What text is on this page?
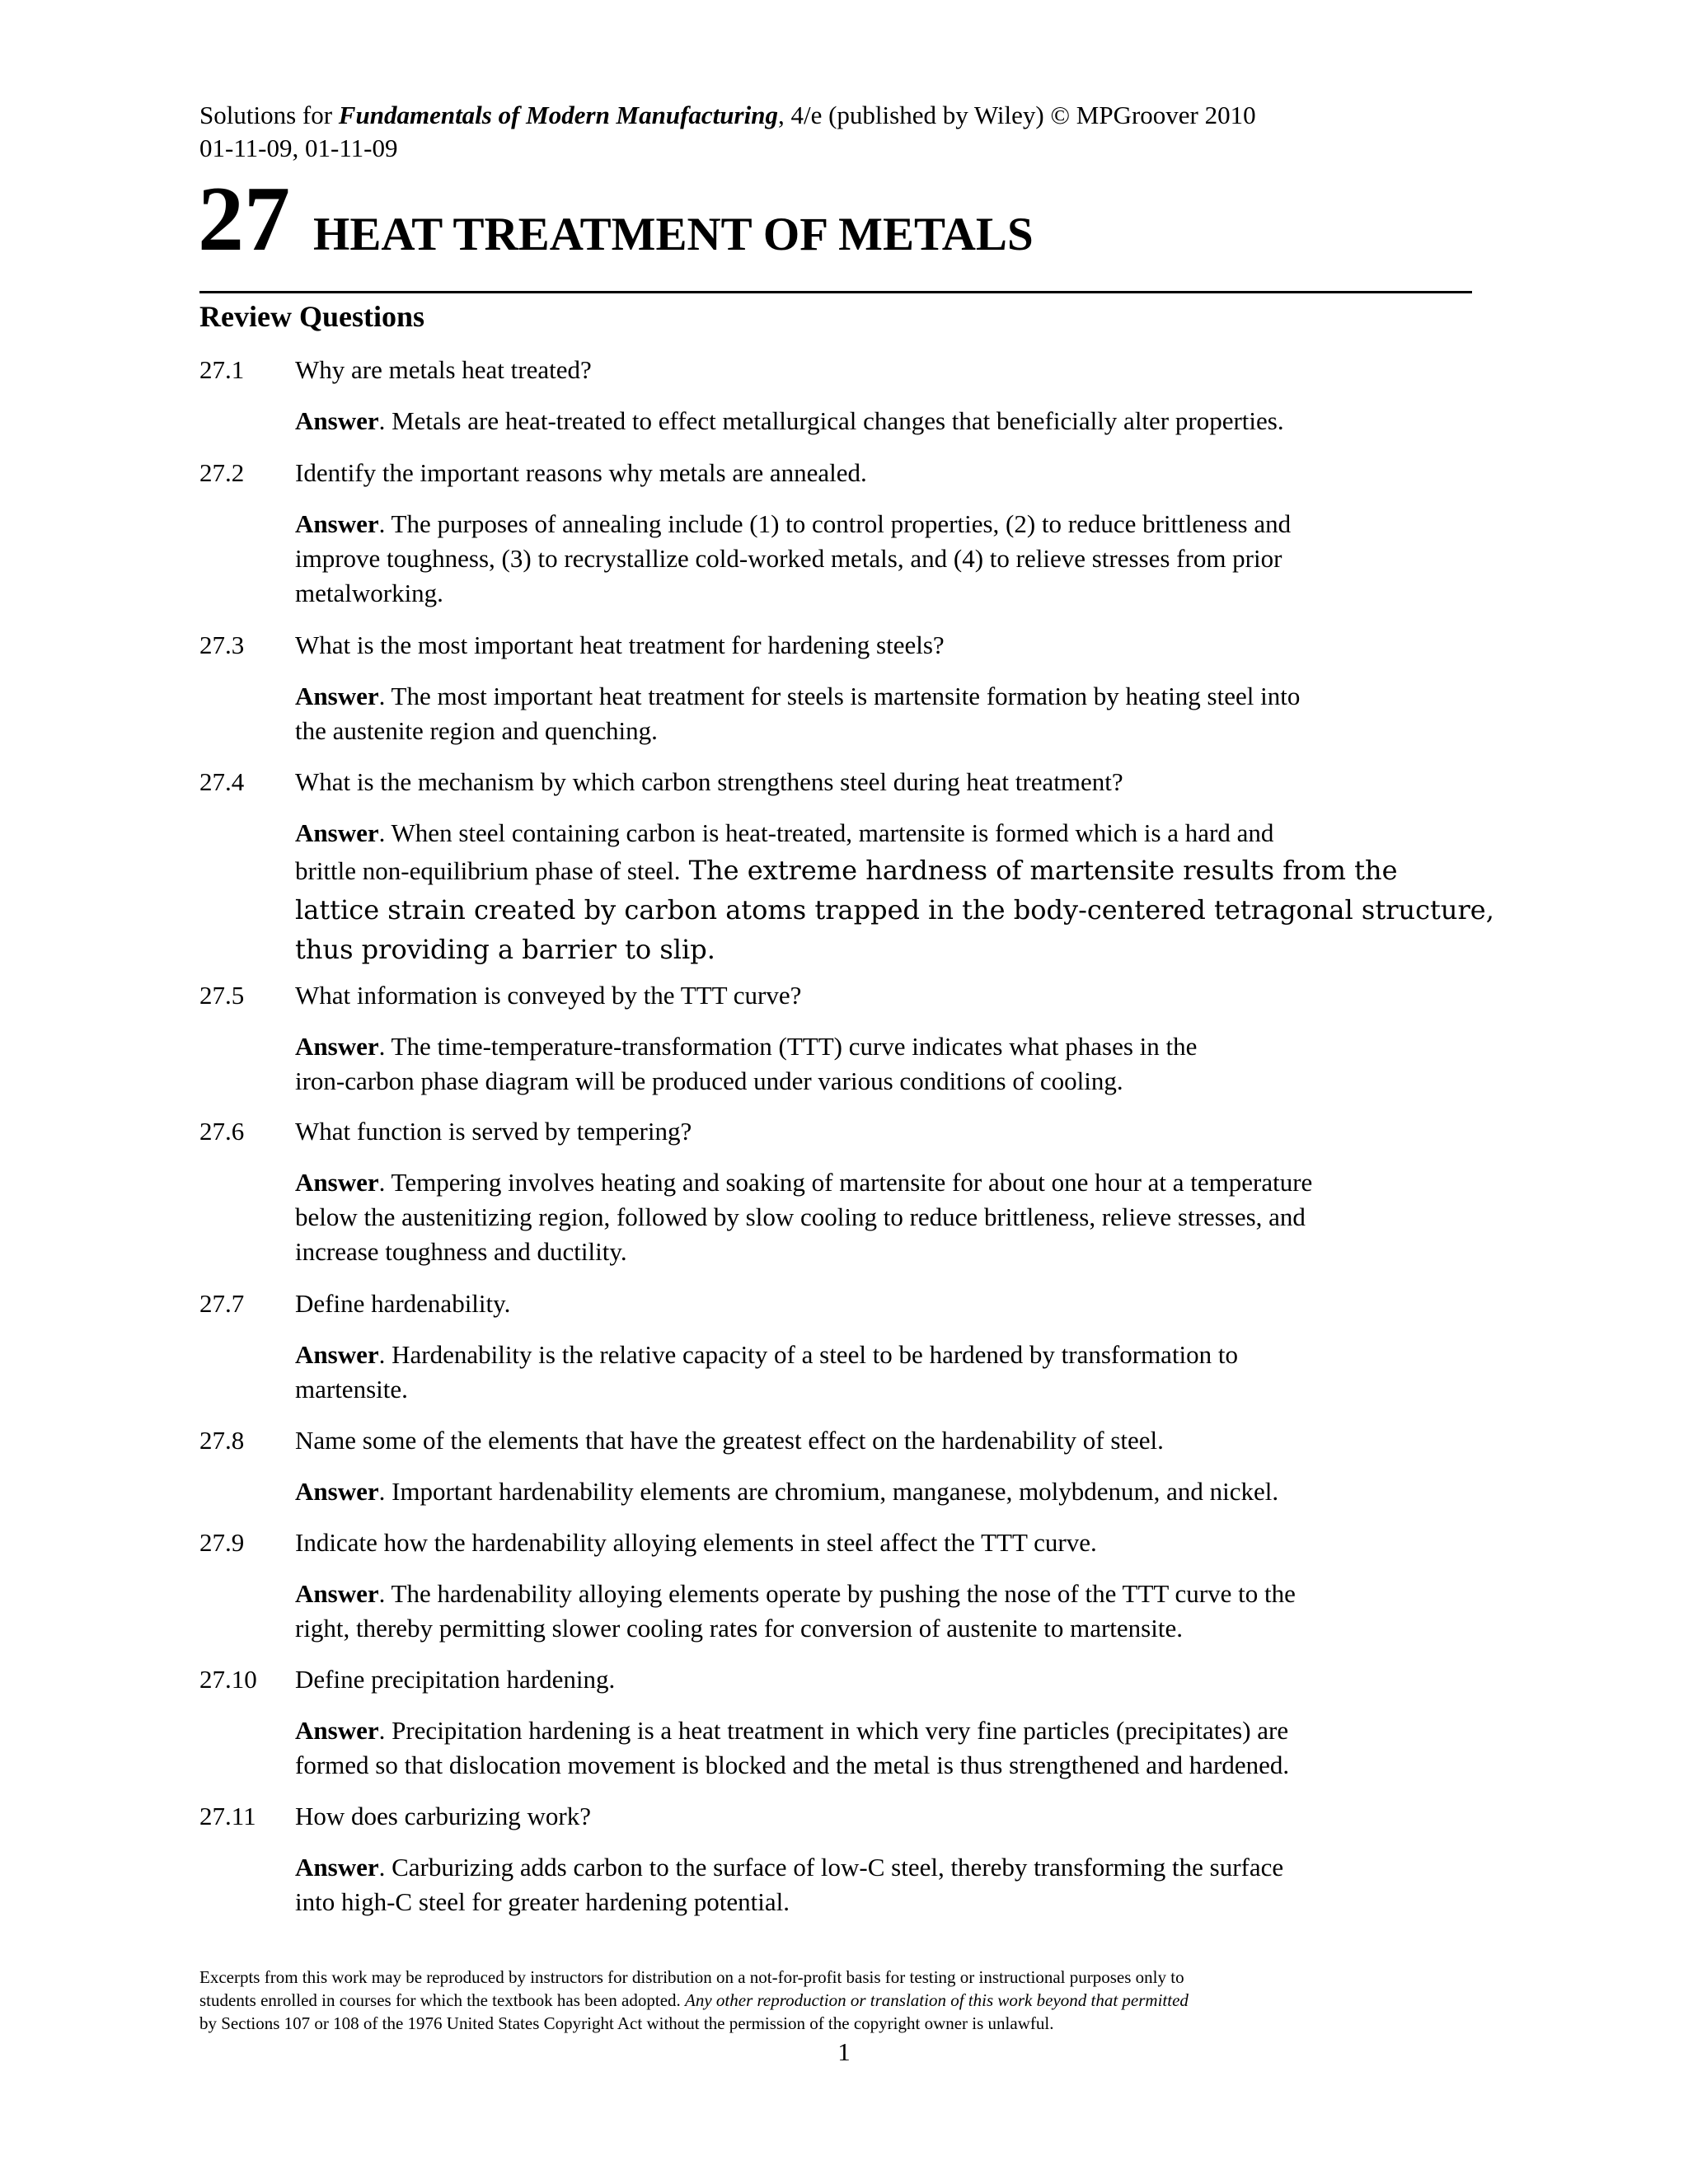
Solutions for Fundamentals of Modern Manufacturing, 4/e (published by Wiley) © MPGroover 2010
01-11-09, 01-11-09
27 HEAT TREATMENT OF METALS
Review Questions
27.1 Why are metals heat treated?
Answer. Metals are heat-treated to effect metallurgical changes that beneficially alter properties.
27.2 Identify the important reasons why metals are annealed.
Answer. The purposes of annealing include (1) to control properties, (2) to reduce brittleness and
improve toughness, (3) to recrystallize cold-worked metals, and (4) to relieve stresses from prior
metalworking.
27.3 What is the most important heat treatment for hardening steels?
Answer. The most important heat treatment for steels is martensite formation by heating steel into
the austenite region and quenching.
27.4 What is the mechanism by which carbon strengthens steel during heat treatment?
Answer. When steel containing carbon is heat-treated, martensite is formed which is a hard and
brittle non-equilibrium phase of steel. The extreme hardness of martensite results from the
lattice strain created by carbon atoms trapped in the body-centered tetragonal structure,
thus providing a barrier to slip.
27.5 What information is conveyed by the TTT curve?
Answer. The time-temperature-transformation (TTT) curve indicates what phases in the
iron-carbon phase diagram will be produced under various conditions of cooling.
27.6 What function is served by tempering?
Answer. Tempering involves heating and soaking of martensite for about one hour at a temperature
below the austenitizing region, followed by slow cooling to reduce brittleness, relieve stresses, and
increase toughness and ductility.
27.7 Define hardenability.
Answer. Hardenability is the relative capacity of a steel to be hardened by transformation to
martensite.
27.8 Name some of the elements that have the greatest effect on the hardenability of steel.
Answer. Important hardenability elements are chromium, manganese, molybdenum, and nickel.
27.9 Indicate how the hardenability alloying elements in steel affect the TTT curve.
Answer. The hardenability alloying elements operate by pushing the nose of the TTT curve to the
right, thereby permitting slower cooling rates for conversion of austenite to martensite.
27.10 Define precipitation hardening.
Answer. Precipitation hardening is a heat treatment in which very fine particles (precipitates) are
formed so that dislocation movement is blocked and the metal is thus strengthened and hardened.
27.11 How does carburizing work?
Answer. Carburizing adds carbon to the surface of low-C steel, thereby transforming the surface
into high-C steel for greater hardening potential.
Excerpts from this work may be reproduced by instructors for distribution on a not-for-profit basis for testing or instructional purposes only to
students enrolled in courses for which the textbook has been adopted. Any other reproduction or translation of this work beyond that permitted
by Sections 107 or 108 of the 1976 United States Copyright Act without the permission of the copyright owner is unlawful.
1
